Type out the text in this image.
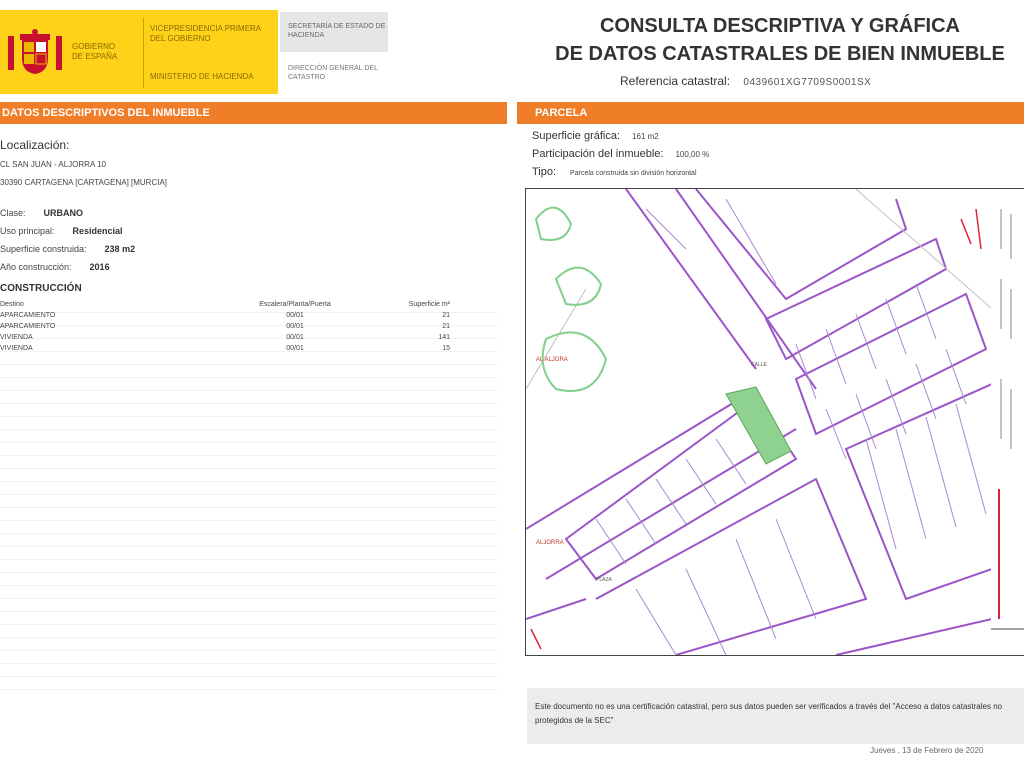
GOBIERNO
DE ESPAÑA
VICEPRESIDENCIA PRIMERA DEL GOBIERNO
MINISTERIO DE HACIENDA
SECRETARÍA DE ESTADO DE HACIENDA
DIRECCIÓN GENERAL DEL CATASTRO
CONSULTA DESCRIPTIVA Y GRÁFICA
DE DATOS CATASTRALES DE BIEN INMUEBLE
Referencia catastral: 0439601XG7709S0001SX
DATOS DESCRIPTIVOS DEL INMUEBLE
Localización:
CL SAN JUAN - ALJORRA 10
30390 CARTAGENA [CARTAGENA] [MURCIA]
Clase: URBANO
Uso principal: Residencial
Superficie construida: 238 m2
Año construcción: 2016
CONSTRUCCIÓN
Destino	Escalera/Planta/Puerta	Superficie m²
APARCAMIENTO	00/01	21
APARCAMIENTO	00/01	21
VIVIENDA	00/01	141
VIVIENDA	00/01	15
PARCELA
Superficie gráfica: 161 m2
Participación del inmueble: 100,00 %
Tipo: Parcela construida sin división horizontal
AL ALJORA
ALJORRA
CALLE
PLAZA

Este documento no es una certificación catastral, pero sus datos pueden ser verificados a través del "Acceso a datos catastrales no protegidos de la SEC"

Jueves , 13 de Febrero de 2020
